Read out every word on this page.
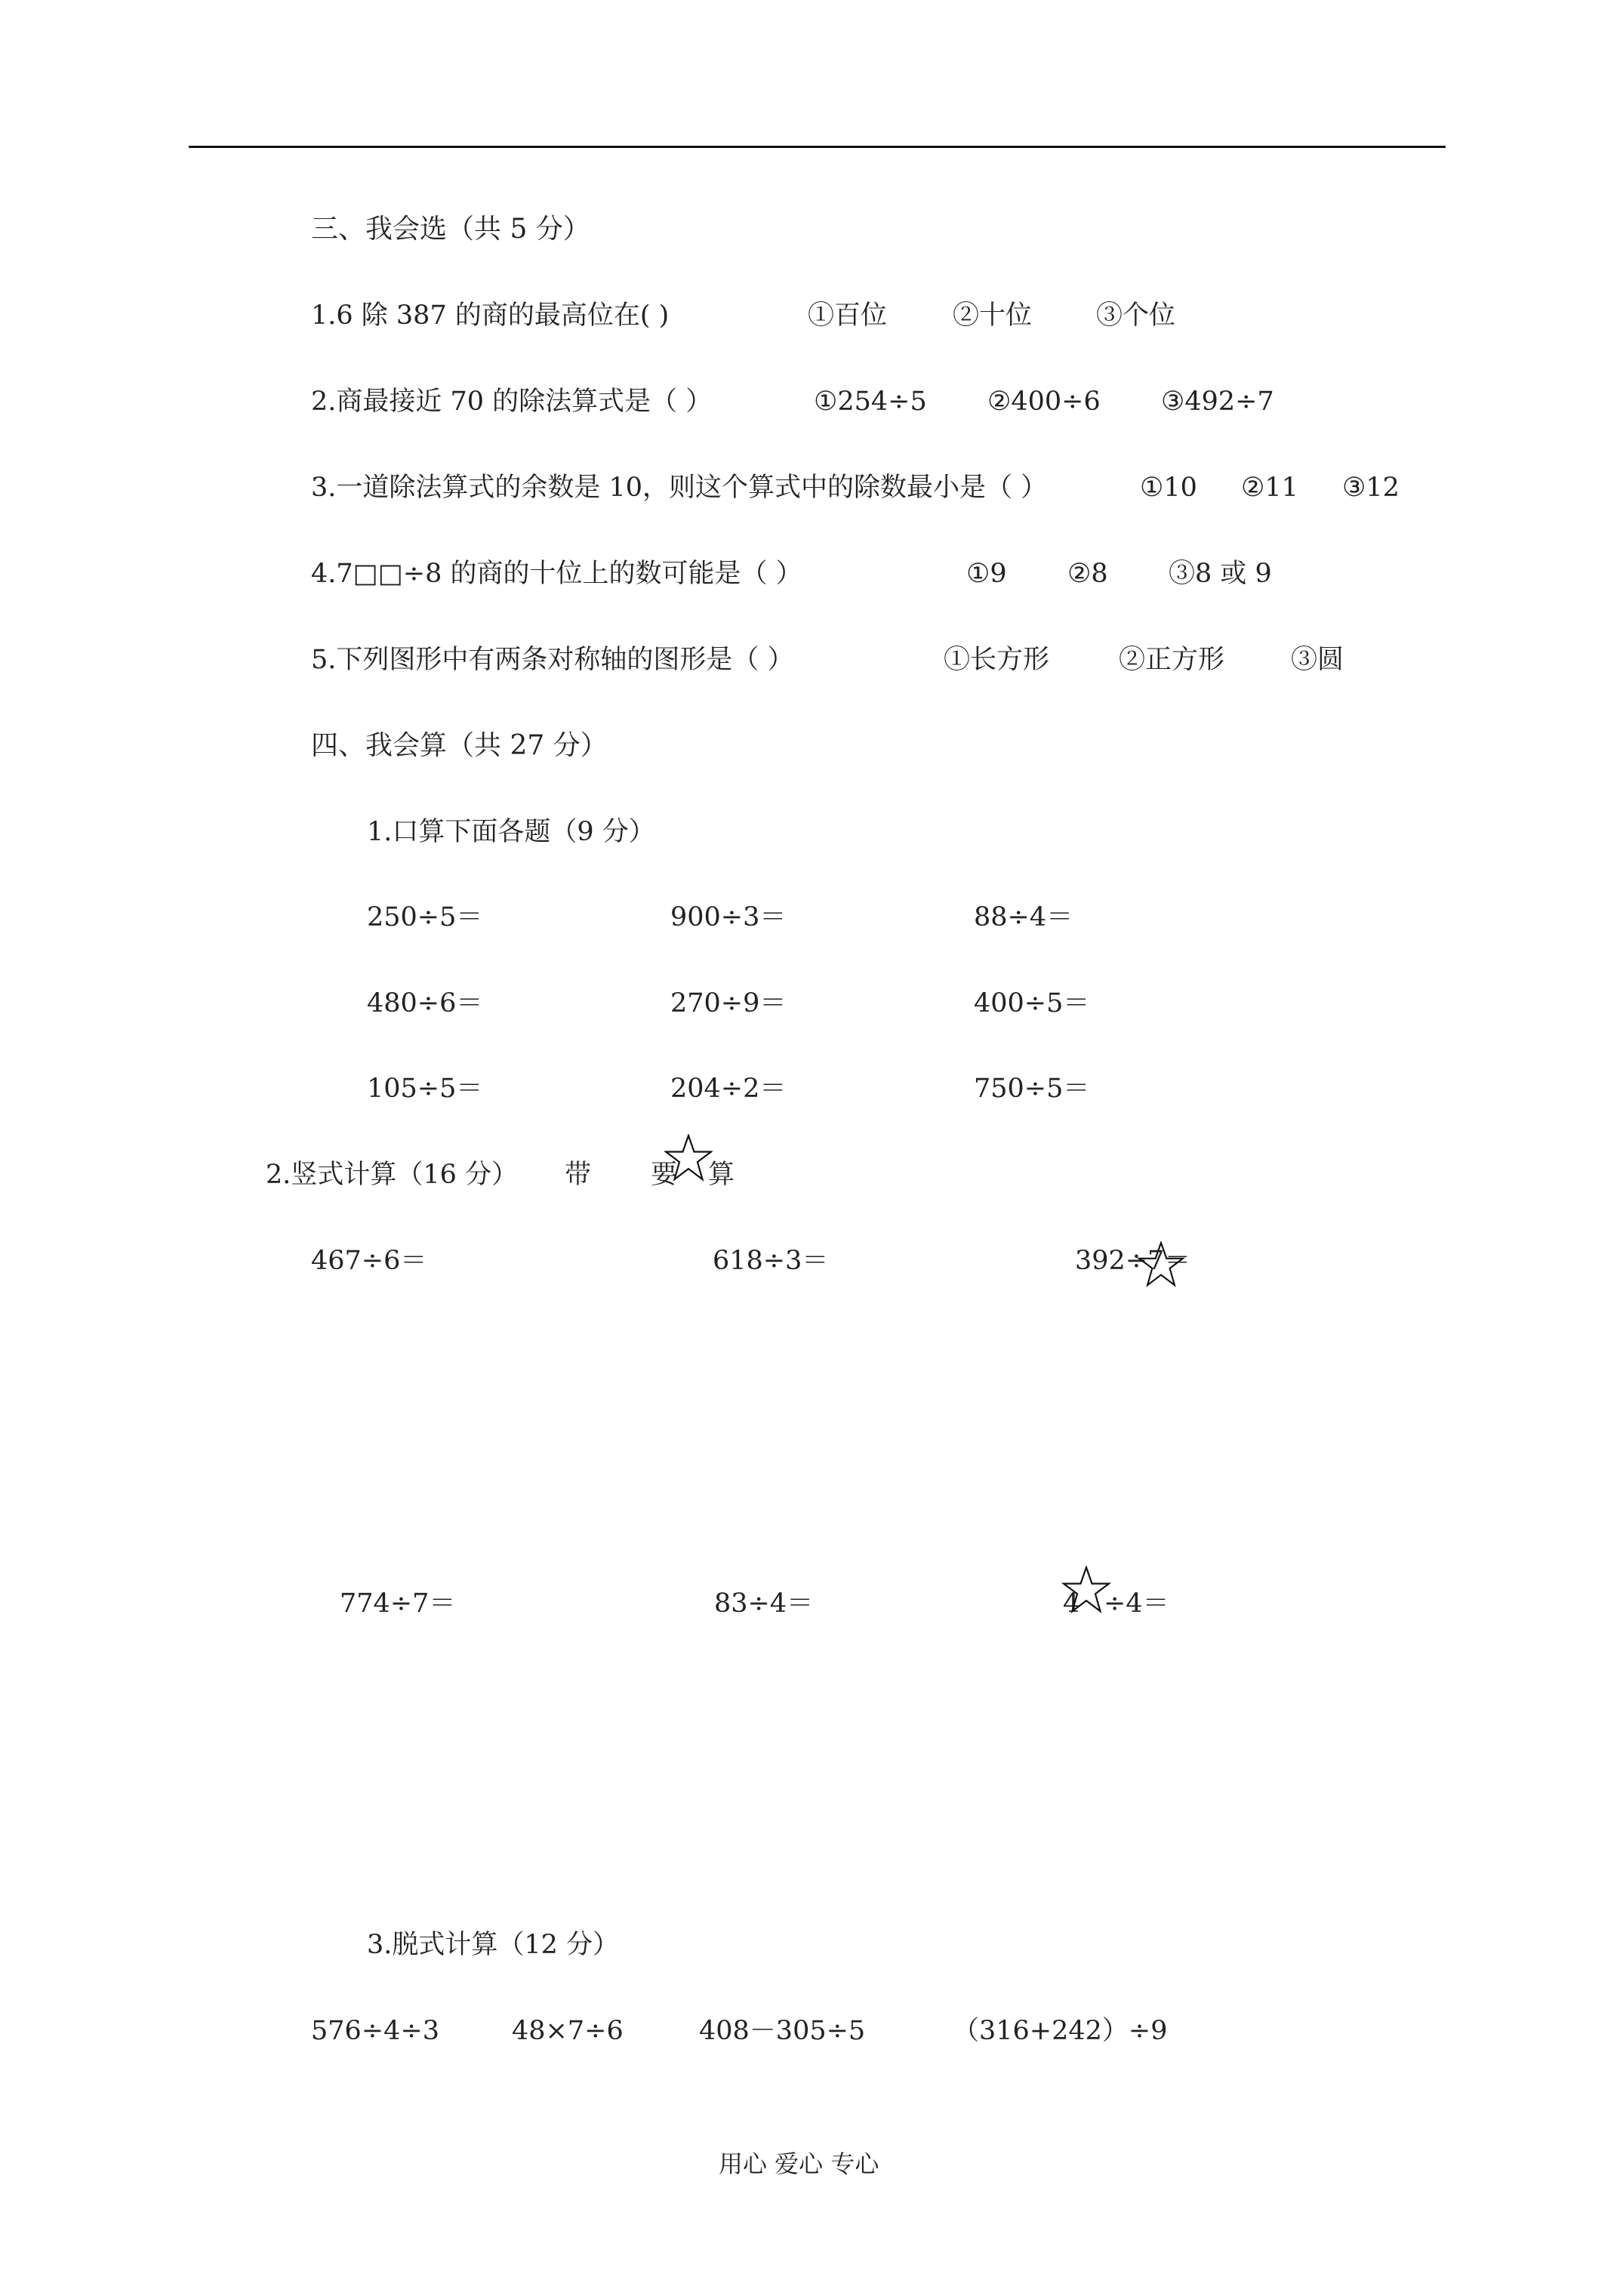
三、我会选（共 5 分）
1.6 除 387 的商的最高位在( )	①百位 ②十位 ③个位
2.商最接近 70 的除法算式是（ ）	①254÷5 ②400÷6 ③492÷7
3.一道除法算式的余数是 10，则这个算式中的除数最小是（ ）	①10 ②11 ③12
4.7□□÷8 的商的十位上的数可能是（ ）	①9 ②8 ③8 或 9
5.下列图形中有两条对称轴的图形是（ ）	①长方形	②正方形	③圆
四、我会算（共 27 分）
1.口算下面各题（9 分）
250÷5＝	900÷3＝	88÷4＝
480÷6＝	270÷9＝	400÷5＝
105÷5＝	204÷2＝	750÷5＝
2.竖式计算（16 分） 带 要 算
467÷6＝	618÷3＝	392÷7＝
774÷7＝	83÷4＝	4 ÷4＝
3.脱式计算（12 分）
576÷4÷3	48×7÷6	408－305÷5	（316+242）÷9
用心 爱心 专心
